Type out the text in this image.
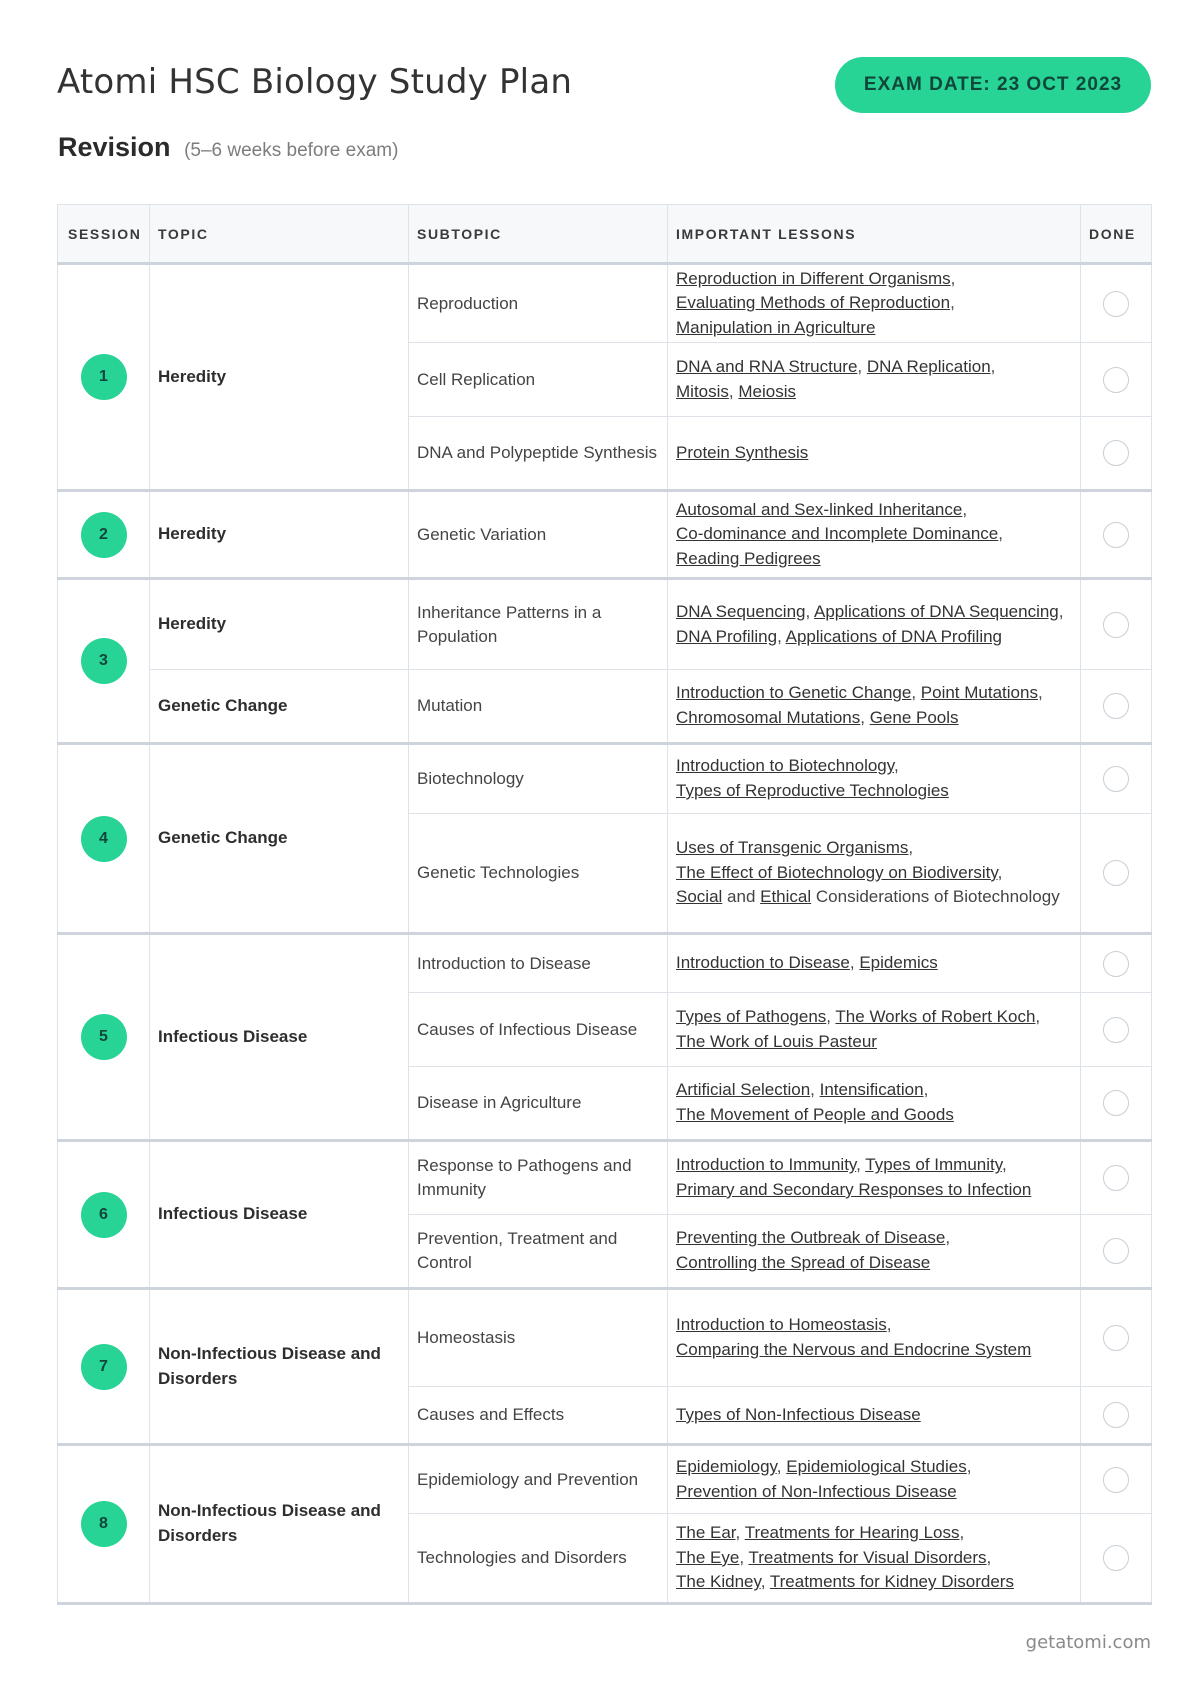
Atomi HSC Biology Study Plan	EXAM DATE: 23 OCT 2023
Revision (5–6 weeks before exam)
SESSION	TOPIC	SUBTOPIC	IMPORTANT LESSONS	DONE
1	Heredity	Reproduction	Reproduction in Different Organisms,
Evaluating Methods of Reproduction,
Manipulation in Agriculture	
		Cell Replication	DNA and RNA Structure, DNA Replication,
Mitosis, Meiosis	
		DNA and Polypeptide Synthesis	Protein Synthesis	
2	Heredity	Genetic Variation	Autosomal and Sex-linked Inheritance,
Co-dominance and Incomplete Dominance,
Reading Pedigrees	
3	Heredity	Inheritance Patterns in a Population	DNA Sequencing, Applications of DNA Sequencing, DNA Profiling, Applications of DNA Profiling	
	Genetic Change	Mutation	Introduction to Genetic Change, Point Mutations,
Chromosomal Mutations, Gene Pools	
4	Genetic Change	Biotechnology	Introduction to Biotechnology,
Types of Reproductive Technologies	
		Genetic Technologies	Uses of Transgenic Organisms,
The Effect of Biotechnology on Biodiversity,
Social and Ethical Considerations of Biotechnology	
5	Infectious Disease	Introduction to Disease	Introduction to Disease, Epidemics	
		Causes of Infectious Disease	Types of Pathogens, The Works of Robert Koch,
The Work of Louis Pasteur	
		Disease in Agriculture	Artificial Selection, Intensification,
The Movement of People and Goods	
6	Infectious Disease	Response to Pathogens and Immunity	Introduction to Immunity, Types of Immunity,
Primary and Secondary Responses to Infection	
		Prevention, Treatment and Control	Preventing the Outbreak of Disease,
Controlling the Spread of Disease	
7	Non-Infectious Disease and Disorders	Homeostasis	Introduction to Homeostasis,
Comparing the Nervous and Endocrine System	
		Causes and Effects	Types of Non-Infectious Disease	
8	Non-Infectious Disease and Disorders	Epidemiology and Prevention	Epidemiology, Epidemiological Studies,
Prevention of Non-Infectious Disease	
		Technologies and Disorders	The Ear, Treatments for Hearing Loss,
The Eye, Treatments for Visual Disorders,
The Kidney, Treatments for Kidney Disorders	
getatomi.com
